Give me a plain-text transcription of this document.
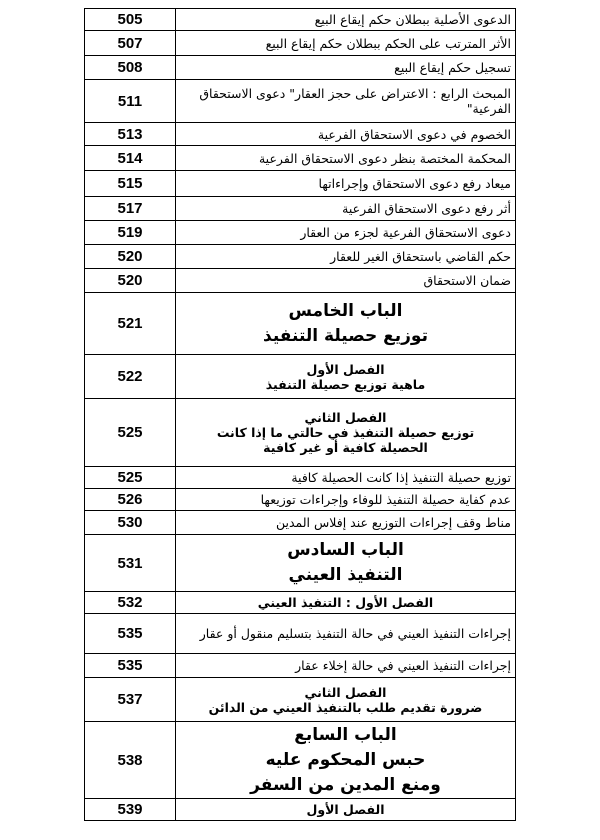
505	الدعوى الأصلية ببطلان حكم إيقاع البيع

507	الأثر المترتب على الحكم ببطلان حكم إيقاع البيع

508	تسجيل حكم إيقاع البيع

511	المبحث الرابع : الاعتراض على حجز العقار" دعوى الاستحقاق الفرعية"

513	الخصوم في دعوى الاستحقاق الفرعية

514	المحكمة المختصة بنظر دعوى الاستحقاق الفرعية

515	ميعاد رفع دعوى الاستحقاق وإجراءاتها

517	أثر رفع دعوى الاستحقاق الفرعية

519	دعوى الاستحقاق الفرعية لجزء من العقار

520	حكم القاضي باستحقاق الغير للعقار

520	ضمان الاستحقاق

521	الباب الخامس
توزيع حصيلة التنفيذ

522	الفصل الأول
ماهية توزيع حصيلة التنفيذ

525	الفصل الثاني
توزيع حصيلة التنفيذ في حالتي ما إذا كانت
الحصيلة كافية أو غير كافية

525	توزيع حصيلة التنفيذ إذا كانت الحصيلة كافية

526	عدم كفاية حصيلة التنفيذ للوفاء وإجراءات توزيعها

530	مناط وقف إجراءات التوزيع عند إفلاس المدين

531	الباب السادس
التنفيذ العيني

532	الفصل الأول : التنفيذ العيني

535	إجراءات التنفيذ العيني في حالة التنفيذ بتسليم منقول أو عقار

535	إجراءات التنفيذ العيني في حالة إخلاء عقار

537	الفصل الثاني
ضرورة تقديم طلب بالتنفيذ العيني من الدائن

538	الباب السابع
حبس المحكوم عليه
ومنع المدين من السفر

539	الفصل الأول
